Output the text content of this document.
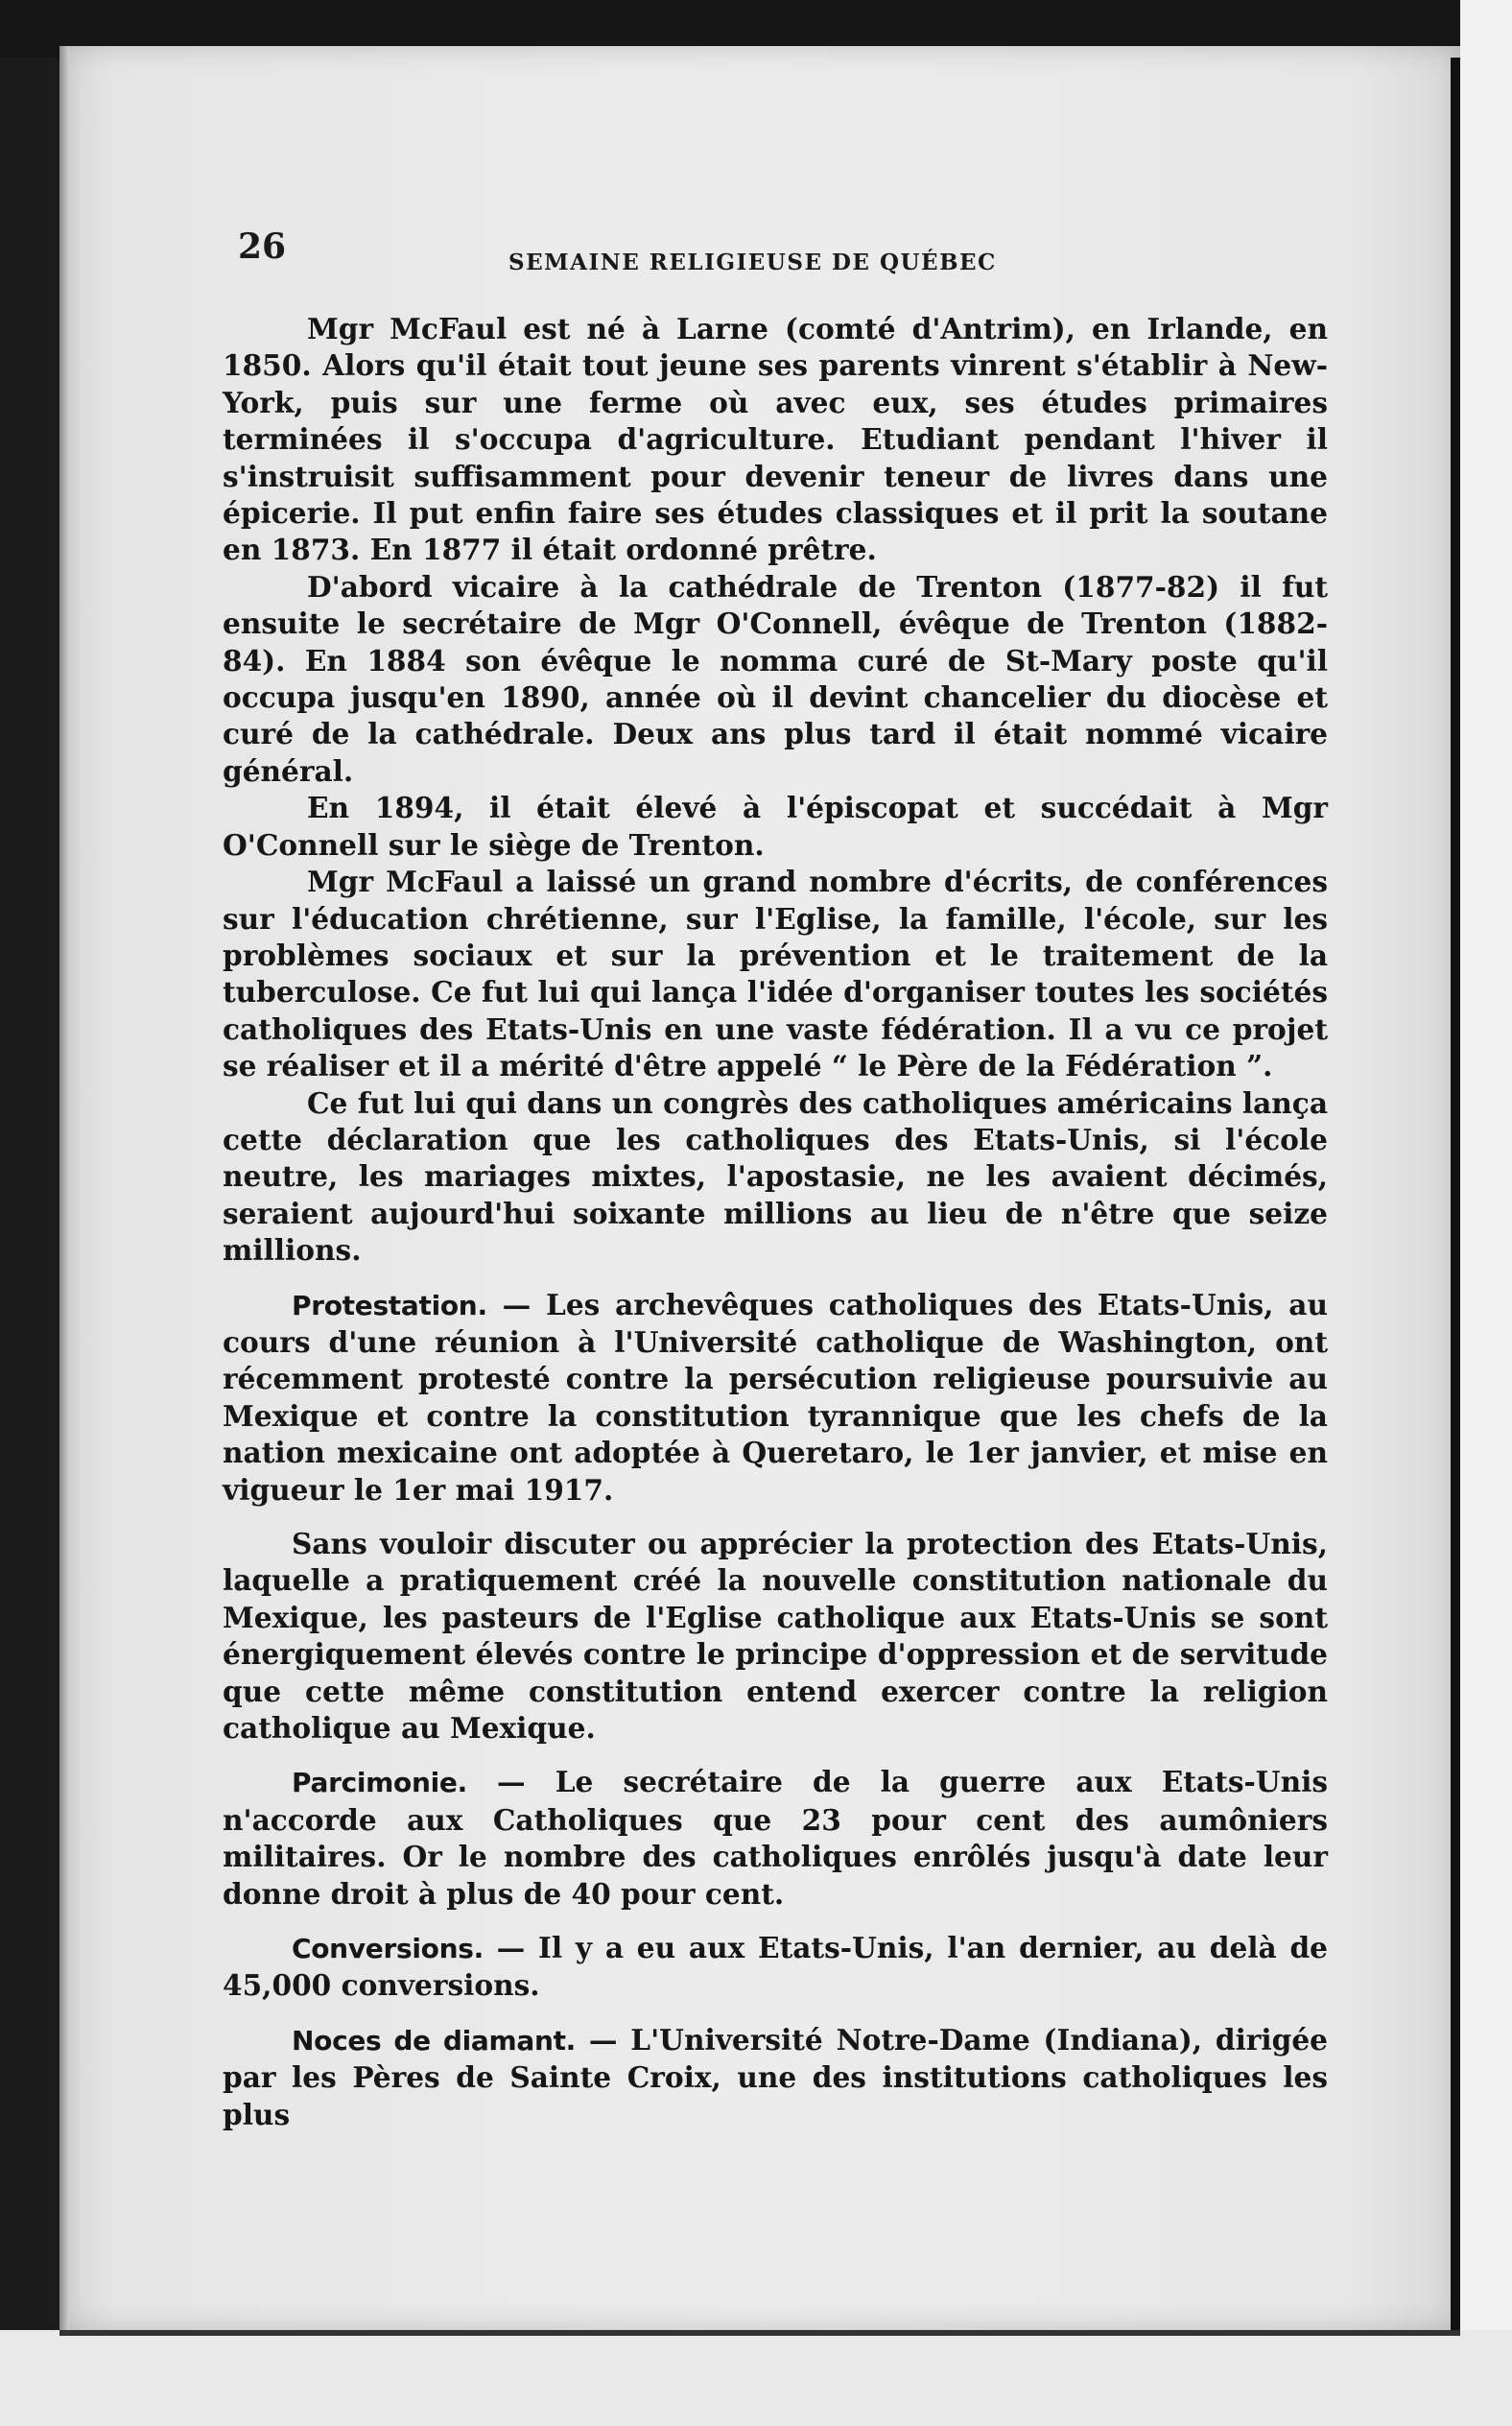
26	SEMAINE RELIGIEUSE DE QUÉBEC

Mgr McFaul est né à Larne (comté d'Antrim), en Irlande, en 1850. Alors qu'il était tout jeune ses parents vinrent s'établir à New-York, puis sur une ferme où avec eux, ses études primaires terminées il s'occupa d'agriculture. Etudiant pendant l'hiver il s'instruisit suffisamment pour devenir teneur de livres dans une épicerie. Il put enfin faire ses études classiques et il prit la soutane en 1873. En 1877 il était ordonné prêtre.

D'abord vicaire à la cathédrale de Trenton (1877-82) il fut ensuite le secrétaire de Mgr O'Connell, évêque de Trenton (1882-84). En 1884 son évêque le nomma curé de St-Mary poste qu'il occupa jusqu'en 1890, année où il devint chancelier du diocèse et curé de la cathédrale. Deux ans plus tard il était nommé vicaire général.

En 1894, il était élevé à l'épiscopat et succédait à Mgr O'Connell sur le siège de Trenton.

Mgr McFaul a laissé un grand nombre d'écrits, de conférences sur l'éducation chrétienne, sur l'Eglise, la famille, l'école, sur les problèmes sociaux et sur la prévention et le traitement de la tuberculose. Ce fut lui qui lança l'idée d'organiser toutes les sociétés catholiques des Etats-Unis en une vaste fédération. Il a vu ce projet se réaliser et il a mérité d'être appelé “ le Père de la Fédération ”.

Ce fut lui qui dans un congrès des catholiques américains lança cette déclaration que les catholiques des Etats-Unis, si l'école neutre, les mariages mixtes, l'apostasie, ne les avaient décimés, seraient aujourd'hui soixante millions au lieu de n'être que seize millions.

Protestation. — Les archevêques catholiques des Etats-Unis, au cours d'une réunion à l'Université catholique de Washington, ont récemment protesté contre la persécution religieuse poursuivie au Mexique et contre la constitution tyrannique que les chefs de la nation mexicaine ont adoptée à Queretaro, le 1er janvier, et mise en vigueur le 1er mai 1917.

Sans vouloir discuter ou apprécier la protection des Etats-Unis, laquelle a pratiquement créé la nouvelle constitution nationale du Mexique, les pasteurs de l'Eglise catholique aux Etats-Unis se sont énergiquement élevés contre le principe d'oppression et de servitude que cette même constitution entend exercer contre la religion catholique au Mexique.

Parcimonie. — Le secrétaire de la guerre aux Etats-Unis n'accorde aux Catholiques que 23 pour cent des aumôniers militaires. Or le nombre des catholiques enrôlés jusqu'à date leur donne droit à plus de 40 pour cent.

Conversions. — Il y a eu aux Etats-Unis, l'an dernier, au delà de 45,000 conversions.

Noces de diamant. — L'Université Notre-Dame (Indiana), dirigée par les Pères de Sainte Croix, une des institutions catholiques les plus
